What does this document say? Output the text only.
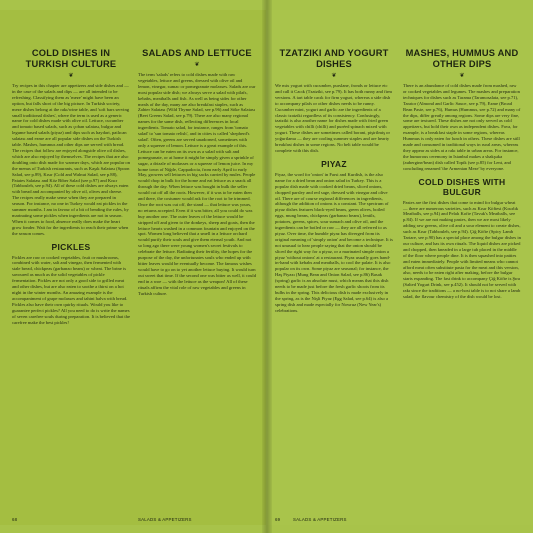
COLD DISHES IN TURKISH CULTURE
❦

Try recipes in this chapter are appetizers and side dishes and — in the case of the salads and dips — are all intended to be refreshing. Classifying them as 'meze' might have been an option, but falls short of the big picture. In Turkish society, meze dishes belong at the rakı/wine table, and 'soft bars serving small traditional dishes', where the term is used as a generic name for cold dishes made with olive oil. Lettuce, cucumber and tomato based salads, such as çoban salatası, bulgur and legume based salads (piyaz) and dips such as haydari, patlıcan salatası and ezme are all popular side dishes on the Turkish table. Mashes, hummus and other dips are served with bread. The recipes that follow are enjoyed alongside olive oil dishes, which are also enjoyed by themselves. The recipes that are also doubling onto dish made for warmer days, which are popular on the menus of Turkish restaurants, such as Kaşık Salatası (Spoon Salad, see p.89), Kısır (Cold and Walnut Salad, see p.88), Patates Salatası and Köz Biber Salad (see p.97) and Kısır (Tabbouleh, see p.94). All of these cold dishes are always eaten with bread and accompanied by olive oil, olives and cheese. The recipes really make sense when they are prepared in season. For instance, no one in Turkey would eat pickles in the summer months. I am in favour of a bit of bending the rules, by marinating some pickles when ingredients are not in season. When it comes to food, absence really does make the heart grow fonder. Wait for the ingredients to reach their prime when the season comes.

PICKLES

Pickles are raw or cooked vegetables, fruit or mushrooms, combined with water, salt and vinegar, then fermented with stale bread, chickpeas (garbanzo beans) or wheat. The brine is savoured as much as the solid vegetables of pickle fermentation. Pickles are not only a good side to grilled meat and other dishes, but are also eaten to soothe a thirst on a hot night in the winter months. An amazing example is the accompaniment of grape molasses and tahini halva with bread. Pickles also have their own quirky rituals. Would you like to guarantee perfect pickles? All you need to do is write the names of seven carefree souls during preparation. It is believed that the carefree make the best pickles!

SALADS AND LETTUCE
❦

The term 'salads' refers to cold dishes made with raw vegetables, lettuce and greens, dressed with olive oil and lemon, vinegar, sumac or pomegranate molasses. Salads are our most popular side dish; we always serve a salad with pilafs, kebabs, meatballs and fish. As well as being sides for other meals of the day, many are also breakfast staples, such as Zahter Salatası (Wild Thyme Salad, see p.96) and Söke Salatası (Beet Greens Salad, see p.79). There are also many regional names for the same dish, reflecting differences in local ingredients. Tomato salad, for instance, ranges from 'tomato salad' to 'sun tomato relish', and in cities is called 'shepherd's salad'. Often, greens are served unadorned, sometimes with only a squeeze of lemon. Lettuce is a great example of this. Lettuce can be eaten on its own as a salad with salt and pomegranate, or at home it might be simply given a sprinkle of sugar, a drizzle of molasses or a squeeze of lemon juice. In my home town of Niğde, Cappadocia, from early April to early May, growers sell lettuces in big sacks carried by mules. People would chop in bulk for the home and eat lettuce as a snack all through the day. When lettuce was bought in bulk the seller would cut off all the roots. However, if it was to be eaten then and there, the costumer would ask for the root to be trimmed. Once the root was cut off, the stand — that lettuce was yours, no returns accepted. Even if it was bitter, all you could do was buy another one. The outer leaves of the lettuce would be stripped off and given to the donkeys, sheep and goats, then the lettuce hearts washed in a common fountain and enjoyed on the spot. Women long believed that a smell in a lettuce orchard would purify their souls and give them eternal youth. And not so long ago there were young women's secret festivals to celebrate the lettuce. Radiating their fertility, the hopes for the purpose of the day, the unfortunates souls who ended up with bitter leaves would be eventually become. The famous wishes would have to go on to yet another lettuce buying. It would turn out sweet that time. If the second one was bitter as well, it could end in a woe — with the lettuce as the weapon! All of these rituals affirm the vital role of raw vegetables and greens in Turkish culture.

68	SALADS & APPETIZERS
TZATZIKI AND YOGURT DISHES
❦

We mix yogurt with cucumber, purslane, fronds or lettuce etc and call it Cacık (Tzatziki, see p.79). It has both runny and firm versions. A tart table cacık for firm yogurt, whereas a side dish to accompany pilafs or other dishes needs to be runny. Cucumber mint, yogurt and garlic are the ingredients of a classic tzatziki regardless of its consistency. Confusingly, tzatziki is also another name for dishes made with fried green vegetables with chilli (chilli) and puréed spinach mixed with yogurt. These dishes are sometimes called borani, pişirilmiş or yoğurtlama — they are cooling summer staples and are hearty breakfast dishes in some regions. No belt table would be complete with this dish.

PIYAZ

Piyaz, the word for 'onion' in Farsi and Kurdish, is the also name for a dried bean and onion salad in Turkey. This is a popular dish made with cooked dried beans, sliced onions, chopped parsley and red sage, dressed with vinegar and olive oil. There are of course regional differences in ingredients, although the addition of onions is a constant. The spectrum of piyaz dishes features black-eyed beans, green olives, boiled eggs, mung beans, chickpeas (garbanzo beans), lentils, potatoes, greens, spices, sour sumach and olive oil, and the ingredients can be boiled or raw — they are all referred to as piyaz. Over time, the humble piyaz has diverged from its original meaning of 'simply onion' and become a technique. It is not unusual to hear people saying that the onion should be sliced the right way for a piyaz, or a marinated simple onion a piyaz 'without onions' at a restaurant. Piyaz usually goes hand-in-hand with kebabs and meatballs, to cool the palate. It is also popular on its own. Some piyaz are seasonal; for instance, the Haş Piyazı (Mung Bean and Onion Salad, see p.86) Basak (spring) garlic is an absolute must, which means that this dish needs to be made just before the fresh garlic shoots from its bulbs in the spring. This delicious dish is made exclusively in the spring, as is the Nişli Piyaz (Egg Salad, see p.64) is also a spring dish and made especially for Nowruz (New Year's) celebrations.

MASHES, HUMMUS AND OTHER DIPS
❦

There is an abundance of cold dishes made from mashed, raw or cooked vegetables and legumes. The mashes and preparation techniques for dishes such as Tarama (Taramosalata, see p.71), Tarator (Almond and Garlic Sauce, see p.79), Ezme (Broad Bean Paste, see p.76), Humus (Hummus, see p.72) and many of the dips, differ greatly among regions. Some dips are very fine, some are textured. These dishes are not only served as cold appetizers, but hold their own as independent dishes. Fava, for example, is a breakfast staple in some regions, whereas Hummus is only eaten for lunch in others. These dishes are still made and consumed in traditional ways in rural areas, whereas they appear as sides at a rakı table in urban areas. For instance, the humorous ceremony in Istanbul makes a shakşuka (aubergine/bean) dish called Topik (see p.85) for Lent, and concluding renamed 'the Armenian Meze' by everyone.

COLD DISHES WITH BULGUR

Pastes are the first dishes that come to mind for bulgur wheat — there are numerous varieties, such as Kısır Köftesi (Kısırlık Meatballs, see p.94) and Pelalı Kofte (Tavuk's Meatballs, see p.84). If we are not making pastes, then we are most likely adding raw greens, olive oil and a sour element to create dishes, such as Kısır (Tabbouleh, see p.94). Çiğ Köfte (Spicy Lamb Tartare, see p.90) has a special place among the bulgur dishes in our culture, and has its own rituals. The liquid dishes are picked and chopped, then kneaded in a large tub placed in the middle of the floor where people dine. It is then squashed into patties and eaten immediately. People with limited means who cannot afford meat often substitute pasta for the meat and this version, also, needs to be eaten right after making, before the bulgur starts expanding. The fast drink to accompany Çiğ Köfte is Şıra (Salted Yogurt Drink, see p.452). It should not be served with rakı since the traditions — a no-host table is to not share a lamb salad, the flavour chemistry of the dish would be lost.

69	SALADS & APPETIZERS
